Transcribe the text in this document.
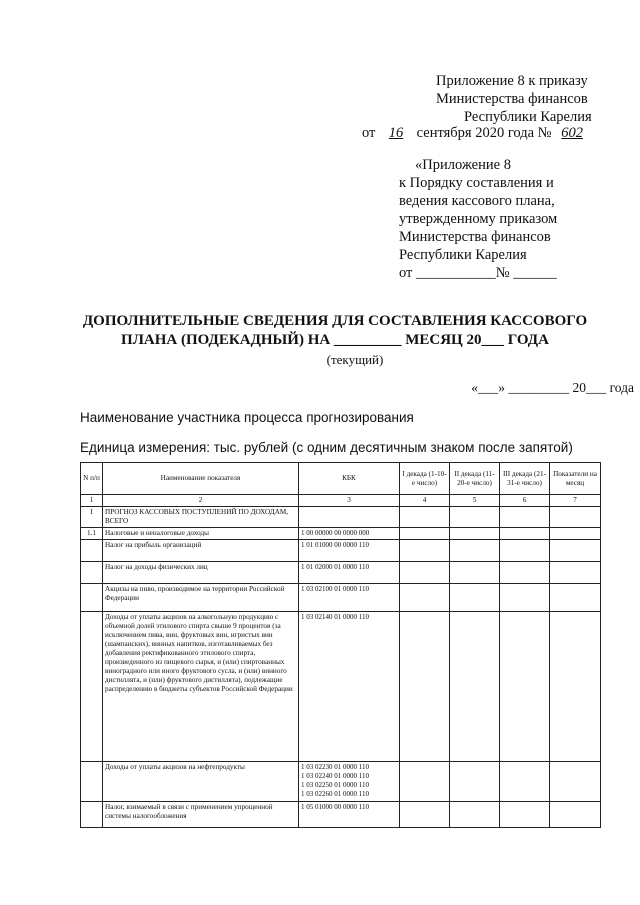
Приложение 8 к приказу
Министерства финансов
Республики Карелия
от 16 сентября 2020 года № 602
«Приложение 8
к Порядку составления и
ведения кассового плана,
утвержденному приказом
Министерства финансов
Республики Карелия
от ___________№ ______
ДОПОЛНИТЕЛЬНЫЕ СВЕДЕНИЯ ДЛЯ СОСТАВЛЕНИЯ КАССОВОГО
ПЛАНА (ПОДЕКАДНЫЙ) НА _________ МЕСЯЦ 20___ ГОДА
(текущий)
«___» _________ 20___ года
Наименование участника процесса прогнозирования
Единица измерения: тыс. рублей (с одним десятичным знаком после запятой)
N п/п	Наименование показателя	КБК	I декада (1-10-е число)	II декада (11-20-е число)	III декада (21-31-е число)	Показатели на месяц
1	2	3	4	5	6	7
I	ПРОГНОЗ КАССОВЫХ ПОСТУПЛЕНИЙ ПО ДОХОДАМ, ВСЕГО	

1.1	Налоговые и неналоговые доходы	1 00 00000 00 0000 000				

	Налог на прибыль организаций	1 01 01000 00 0000 110				

	Налог на доходы физических лиц	1 01 02000 01 0000 110				

	Акцизы на пиво, производимое на территории Российской Федерации	1 03 02100 01 0000 110				

	Доходы от уплаты акцизов на алкогольную продукцию с объемной долей этилового спирта свыше 9 процентов (за исключением пива, вин, фруктовых вин, игристых вин (шампанских), винных напитков, изготавливаемых без добавления ректификованного этилового спирта, произведенного из пищевого сырья, и (или) спиртованных виноградного или иного фруктового сусла, и (или) винного дистиллята, и (или) фруктового дистиллята), подлежащие распределению в бюджеты субъектов Российской Федерации	1 03 02140 01 0000 110				

	Доходы от уплаты акцизов на нефтепродукты	1 03 02230 01 0000 110
1 03 02240 01 0000 110
1 03 02250 01 0000 110
1 03 02260 01 0000 110				

	Налог, взимаемый в связи с применением упрощенной системы налогообложения	1 05 01000 00 0000 110				
